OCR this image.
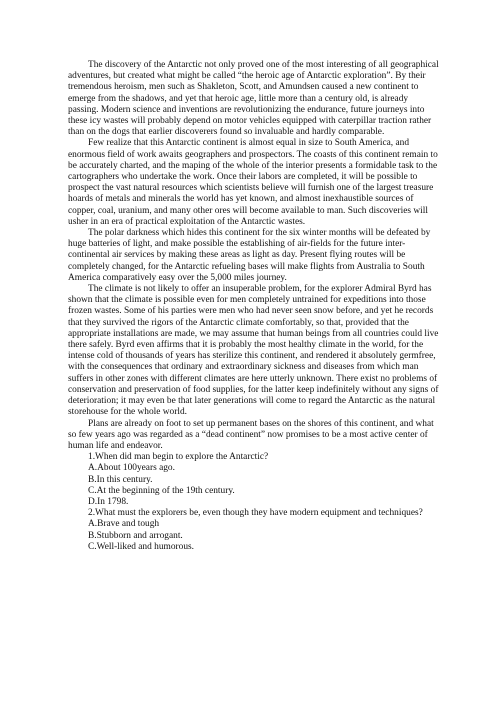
The discovery of the Antarctic not only proved one of the most interesting of all geographical adventures, but created what might be called “the heroic age of Antarctic exploration”. By their tremendous heroism, men such as Shakleton, Scott, and Amundsen caused a new continent to emerge from the shadows, and yet that heroic age, little more than a century old, is already passing. Modern science and inventions are revolutionizing the endurance, future journeys into these icy wastes will probably depend on motor vehicles equipped with caterpillar traction rather than on the dogs that earlier discoverers found so invaluable and hardly comparable.

Few realize that this Antarctic continent is almost equal in size to South America, and enormous field of work awaits geographers and prospectors. The coasts of this continent remain to be accurately charted, and the maping of the whole of the interior presents a formidable task to the cartographers who undertake the work. Once their labors are completed, it will be possible to prospect the vast natural resources which scientists believe will furnish one of the largest treasure hoards of metals and minerals the world has yet known, and almost inexhaustible sources of copper, coal, uranium, and many other ores will become available to man. Such discoveries will usher in an era of practical exploitation of the Antarctic wastes.

The polar darkness which hides this continent for the six winter months will be defeated by huge batteries of light, and make possible the establishing of air-fields for the future inter-continental air services by making these areas as light as day. Present flying routes will be completely changed, for the Antarctic refueling bases will make flights from Australia to South America comparatively easy over the 5,000 miles journey.

The climate is not likely to offer an insuperable problem, for the explorer Admiral Byrd has shown that the climate is possible even for men completely untrained for expeditions into those frozen wastes. Some of his parties were men who had never seen snow before, and yet he records that they survived the rigors of the Antarctic climate comfortably, so that, provided that the appropriate installations are made, we may assume that human beings from all countries could live there safely. Byrd even affirms that it is probably the most healthy climate in the world, for the intense cold of thousands of years has sterilize this continent, and rendered it absolutely germfree, with the consequences that ordinary and extraordinary sickness and diseases from which man suffers in other zones with different climates are here utterly unknown. There exist no problems of conservation and preservation of food supplies, for the latter keep indefinitely without any signs of deterioration; it may even be that later generations will come to regard the Antarctic as the natural storehouse for the whole world.

Plans are already on foot to set up permanent bases on the shores of this continent, and what so few years ago was regarded as a “dead continent” now promises to be a most active center of human life and endeavor.

1.When did man begin to explore the Antarctic?

A.About 100years ago.

B.In this century.

C.At the beginning of the 19th century.

D.In 1798.

2.What must the explorers be, even though they have modern equipment and techniques?

A.Brave and tough

B.Stubborn and arrogant.

C.Well-liked and humorous.
